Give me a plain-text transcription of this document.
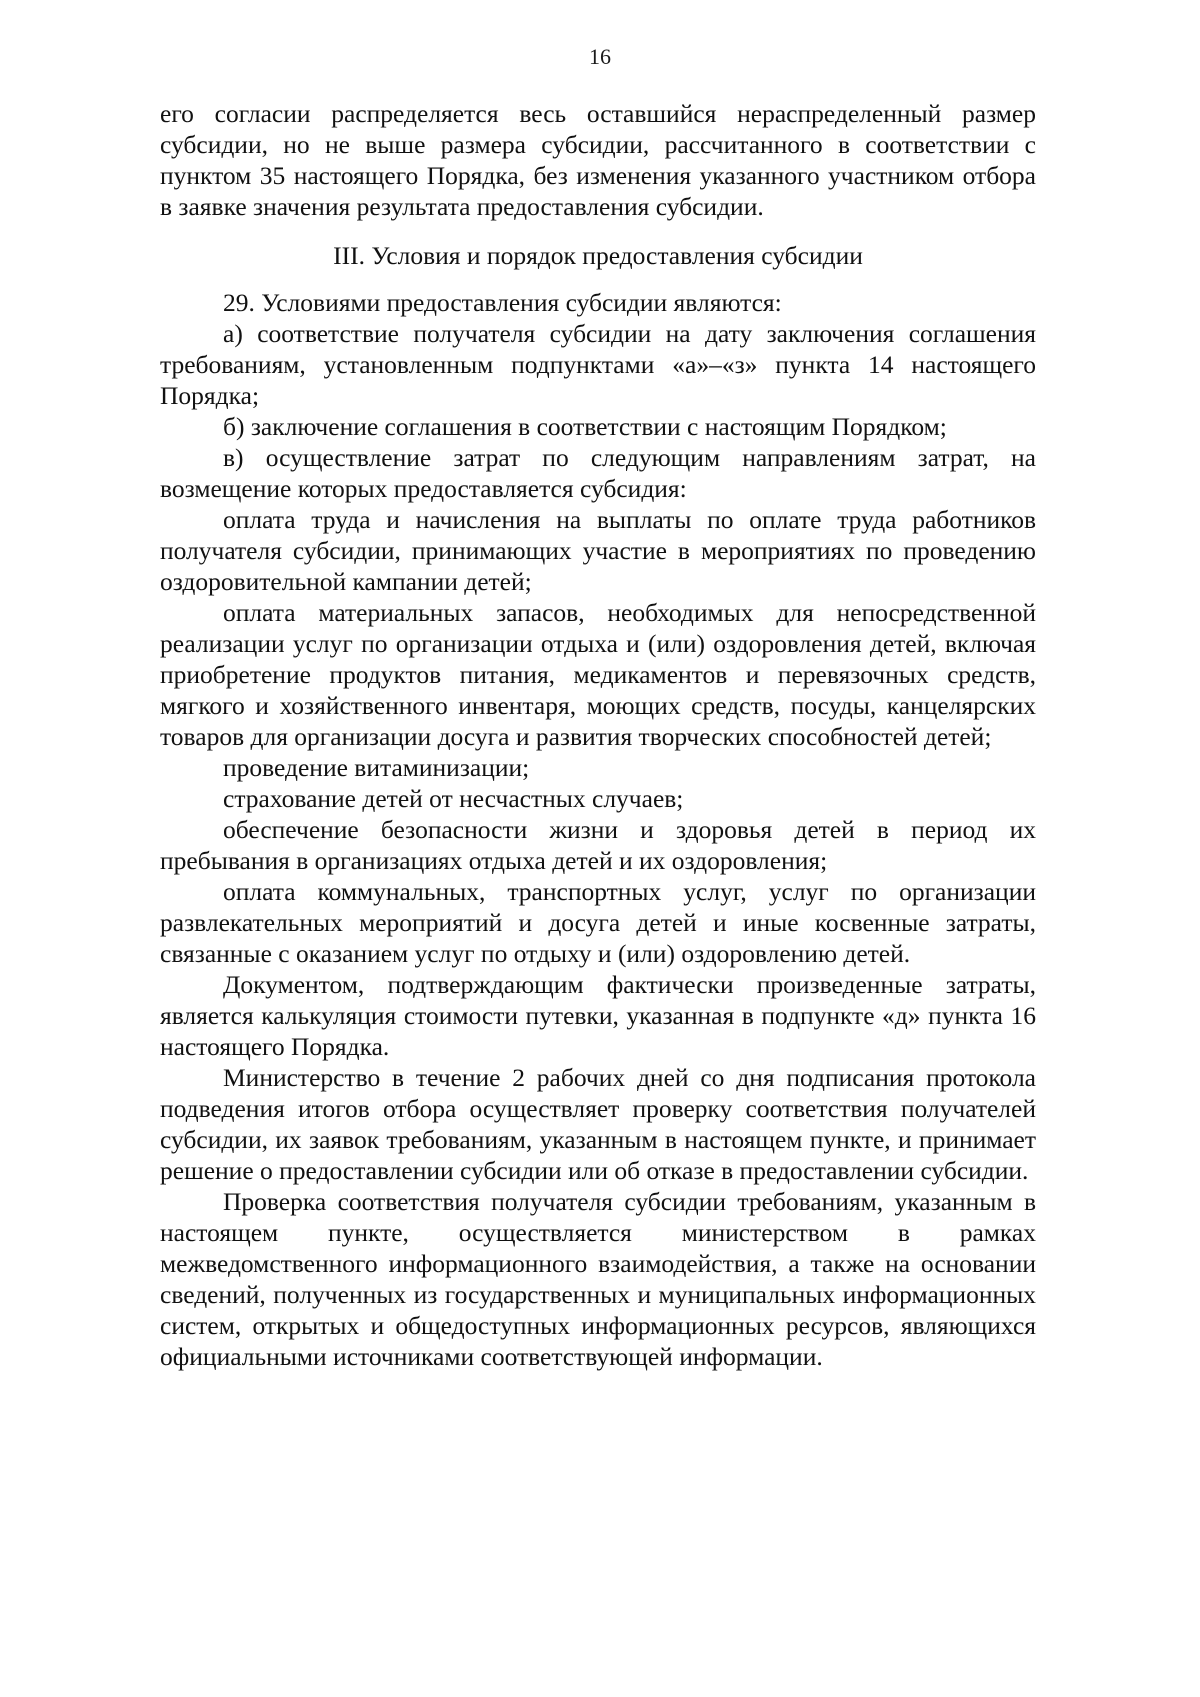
16

его согласии распределяется весь оставшийся нераспределенный размер субсидии, но не выше размера субсидии, рассчитанного в соответствии с пунктом 35 настоящего Порядка, без изменения указанного участником отбора в заявке значения результата предоставления субсидии.

III. Условия и порядок предоставления субсидии

29. Условиями предоставления субсидии являются:

а) соответствие получателя субсидии на дату заключения соглашения требованиям, установленным подпунктами «а»–«з» пункта 14 настоящего Порядка;

б) заключение соглашения в соответствии с настоящим Порядком;

в) осуществление затрат по следующим направлениям затрат, на возмещение которых предоставляется субсидия:

оплата труда и начисления на выплаты по оплате труда работников получателя субсидии, принимающих участие в мероприятиях по проведению оздоровительной кампании детей;

оплата материальных запасов, необходимых для непосредственной реализации услуг по организации отдыха и (или) оздоровления детей, включая приобретение продуктов питания, медикаментов и перевязочных средств, мягкого и хозяйственного инвентаря, моющих средств, посуды, канцелярских товаров для организации досуга и развития творческих способностей детей;

проведение витаминизации;

страхование детей от несчастных случаев;

обеспечение безопасности жизни и здоровья детей в период их пребывания в организациях отдыха детей и их оздоровления;

оплата коммунальных, транспортных услуг, услуг по организации развлекательных мероприятий и досуга детей и иные косвенные затраты, связанные с оказанием услуг по отдыху и (или) оздоровлению детей.

Документом, подтверждающим фактически произведенные затраты, является калькуляция стоимости путевки, указанная в подпункте «д» пункта 16 настоящего Порядка.

Министерство в течение 2 рабочих дней со дня подписания протокола подведения итогов отбора осуществляет проверку соответствия получателей субсидии, их заявок требованиям, указанным в настоящем пункте, и принимает решение о предоставлении субсидии или об отказе в предоставлении субсидии.

Проверка соответствия получателя субсидии требованиям, указанным в настоящем пункте, осуществляется министерством в рамках межведомственного информационного взаимодействия, а также на основании сведений, полученных из государственных и муниципальных информационных систем, открытых и общедоступных информационных ресурсов, являющихся официальными источниками соответствующей информации.
